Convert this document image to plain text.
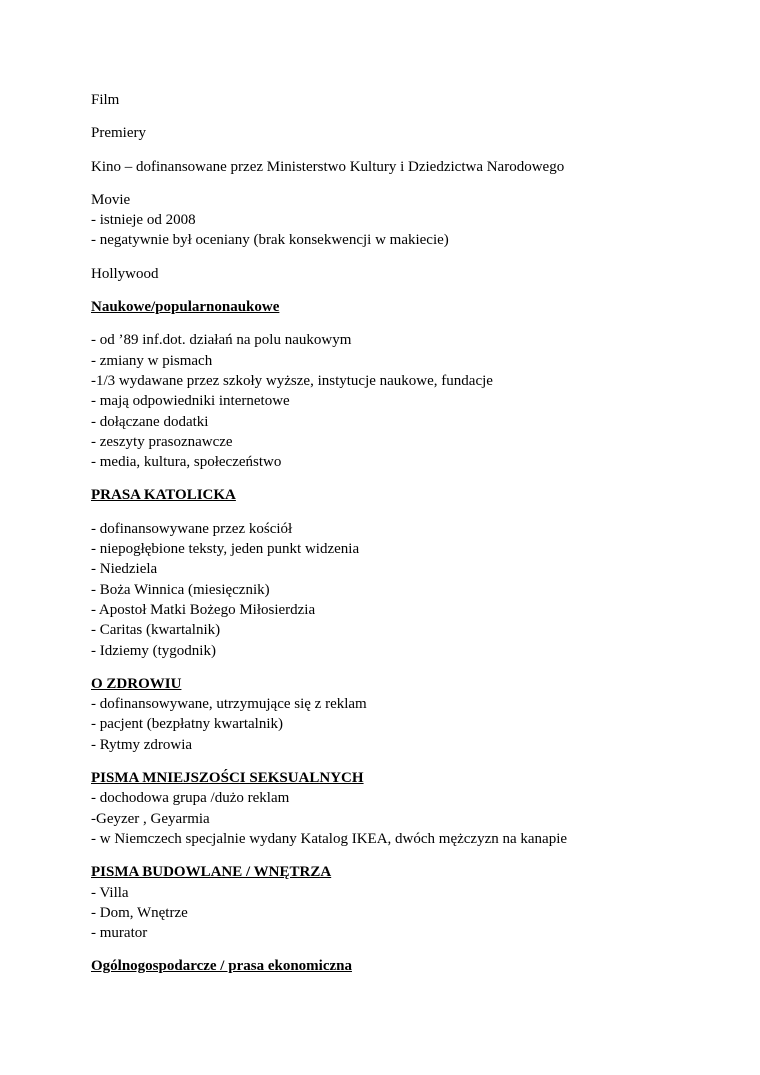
Film
Premiery
Kino – dofinansowane przez Ministerstwo Kultury i Dziedzictwa Narodowego
Movie
- istnieje od 2008
- negatywnie był oceniany (brak konsekwencji w makiecie)
Hollywood
Naukowe/popularnonaukowe
- od ’89 inf.dot. działań na polu naukowym
- zmiany w pismach
-1/3 wydawane przez szkoły wyższe, instytucje naukowe, fundacje
- mają odpowiedniki internetowe
- dołączane dodatki
- zeszyty prasoznawcze
- media, kultura, społeczeństwo
PRASA KATOLICKA
- dofinansowywane przez kościół
- niepogłębione teksty, jeden punkt widzenia
- Niedziela
- Boża Winnica (miesięcznik)
- Apostoł Matki Bożego Miłosierdzia
- Caritas (kwartalnik)
- Idziemy (tygodnik)
O ZDROWIU
- dofinansowywane, utrzymujące się z reklam
- pacjent (bezpłatny kwartalnik)
- Rytmy zdrowia
PISMA MNIEJSZOŚCI SEKSUALNYCH
- dochodowa grupa /dużo reklam
-Geyzer , Geyarmia
- w Niemczech specjalnie wydany Katalog IKEA, dwóch mężczyzn na kanapie
PISMA BUDOWLANE / WNĘTRZA
- Villa
- Dom, Wnętrze
- murator
Ogólnogospodarcze / prasa ekonomiczna
